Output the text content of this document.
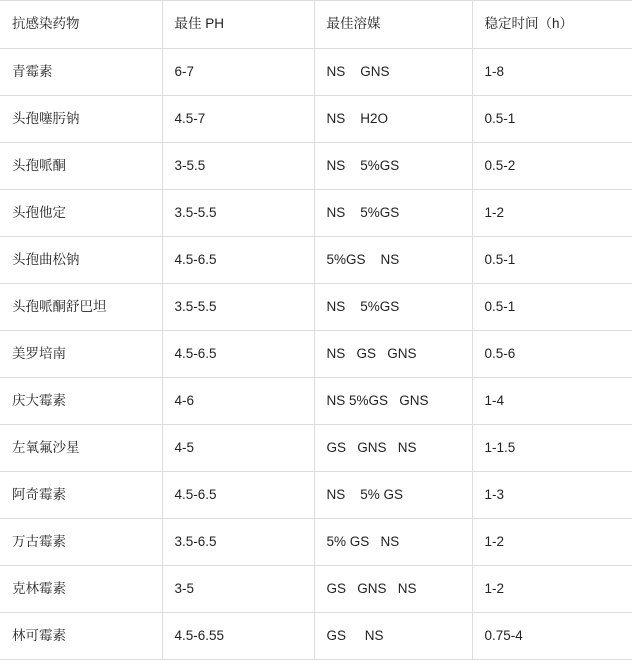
抗感染药物	最佳 PH	最佳溶媒	稳定时间（h）
青霉素	6-7	NS    GNS	1-8
头孢噻肟钠	4.5-7	NS    H2O	0.5-1
头孢哌酮	3-5.5	NS    5%GS	0.5-2
头孢他定	3.5-5.5	NS    5%GS	1-2
头孢曲松钠	4.5-6.5	5%GS    NS	0.5-1
头孢哌酮舒巴坦	3.5-5.5	NS    5%GS	0.5-1
美罗培南	4.5-6.5	NS   GS   GNS	0.5-6
庆大霉素	4-6	NS 5%GS   GNS	1-4
左氧氟沙星	4-5	GS   GNS   NS	1-1.5
阿奇霉素	4.5-6.5	NS    5% GS	1-3
万古霉素	3.5-6.5	5% GS   NS	1-2
克林霉素	3-5	GS   GNS   NS	1-2
林可霉素	4.5-6.55	GS     NS	0.75-4
